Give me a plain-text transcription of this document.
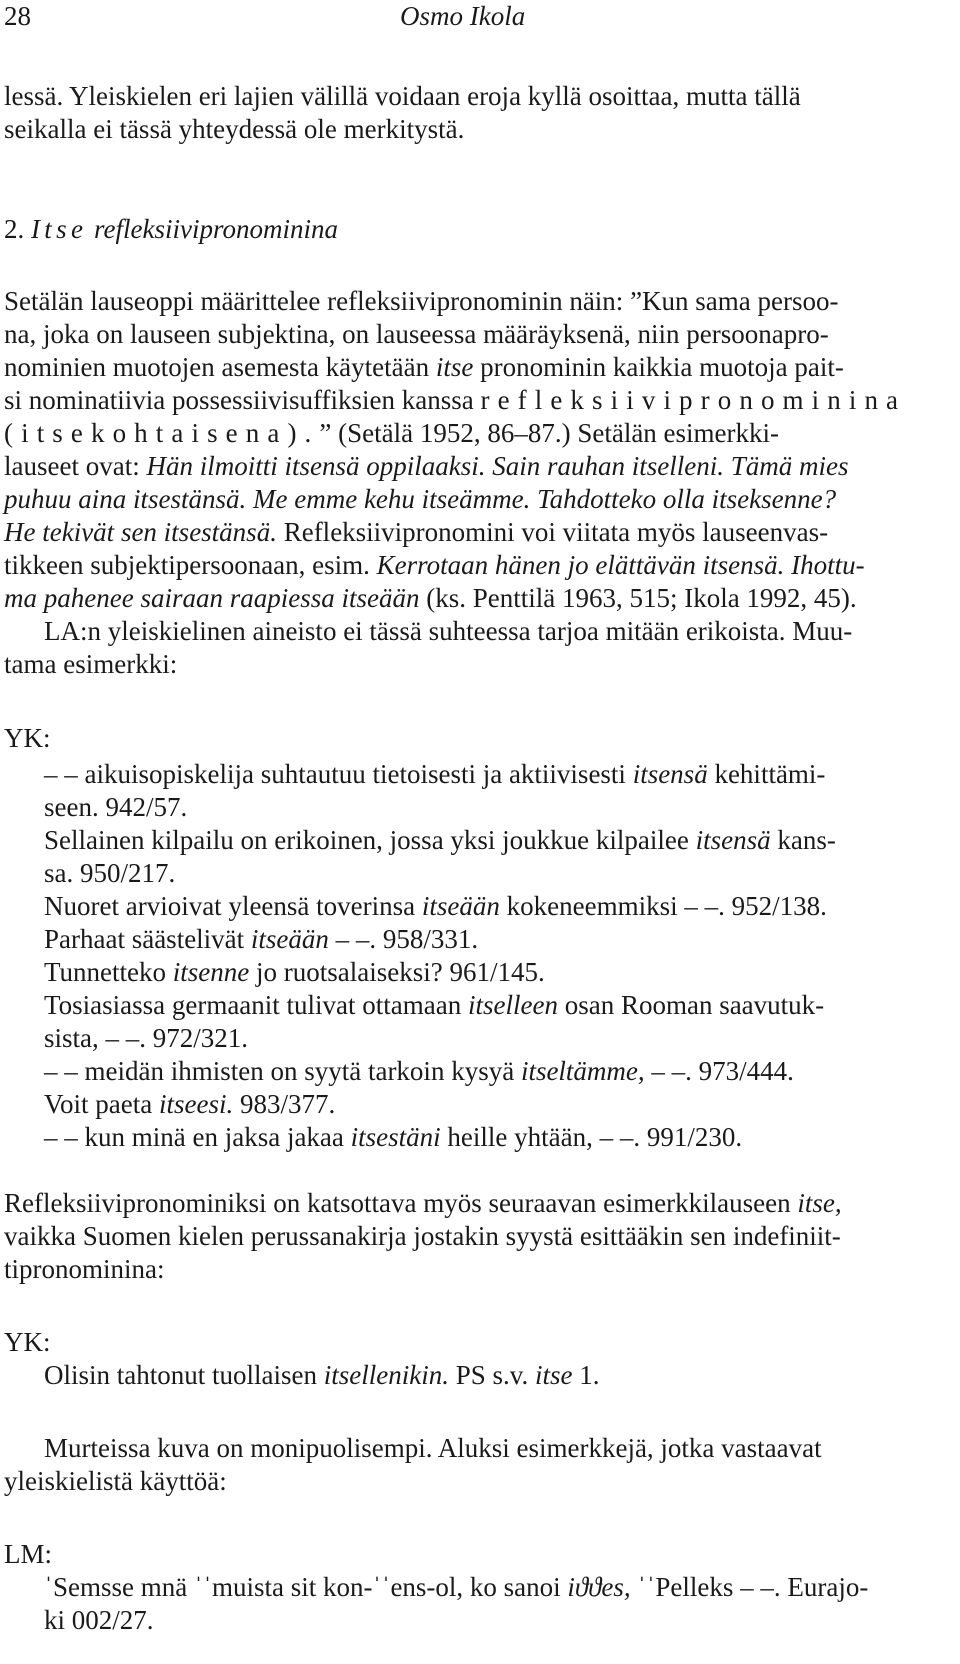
28	Osmo Ikola
lessä. Yleiskielen eri lajien välillä voidaan eroja kyllä osoittaa, mutta tällä
seikalla ei tässä yhteydessä ole merkitystä.
2. Itse refleksiivipronominina
Setälän lauseoppi määrittelee refleksiivipronominin näin: ”Kun sama persoo-
na, joka on lauseen subjektina, on lauseessa määräyksenä, niin persoonapro-
nominien muotojen asemesta käytetään itse pronominin kaikkia muotoja pait-
si nominatiivia possessiivisuffiksien kanssa refleksiivipronominina
(itsekohtaisena).” (Setälä 1952, 86–87.) Setälän esimerkki-
lauseet ovat: Hän ilmoitti itsensä oppilaaksi. Sain rauhan itselleni. Tämä mies
puhuu aina itsestänsä. Me emme kehu itseämme. Tahdotteko olla itseksenne?
He tekivät sen itsestänsä. Refleksiivipronomini voi viitata myös lauseenvas-
tikkeen subjektipersoonaan, esim. Kerrotaan hänen jo elättävän itsensä. Ihottu-
ma pahenee sairaan raapiessa itseään (ks. Penttilä 1963, 515; Ikola 1992, 45).
LA:n yleiskielinen aineisto ei tässä suhteessa tarjoa mitään erikoista. Muu-
tama esimerkki:
YK:
– – aikuisopiskelija suhtautuu tietoisesti ja aktiivisesti itsensä kehittämi-
seen. 942/57.
Sellainen kilpailu on erikoinen, jossa yksi joukkue kilpailee itsensä kans-
sa. 950/217.
Nuoret arvioivat yleensä toverinsa itseään kokeneemmiksi – –. 952/138.
Parhaat säästelivät itseään – –. 958/331.
Tunnetteko itsenne jo ruotsalaiseksi? 961/145.
Tosiasiassa germaanit tulivat ottamaan itselleen osan Rooman saavutuk-
sista, – –. 972/321.
– – meidän ihmisten on syytä tarkoin kysyä itseltämme, – –. 973/444.
Voit paeta itseesi. 983/377.
– – kun minä en jaksa jakaa itsestäni heille yhtään, – –. 991/230.
Refleksiivipronominiksi on katsottava myös seuraavan esimerkkilauseen itse,
vaikka Suomen kielen perussanakirja jostakin syystä esittääkin sen indefiniit-
tipronominina:
YK:
Olisin tahtonut tuollaisen itsellenikin. PS s.v. itse 1.
Murteissa kuva on monipuolisempi. Aluksi esimerkkejä, jotka vastaavat
yleiskielistä käyttöä:
LM:
ˈSemsse mnä ˈˈmuista sit kon-ˈˈens-ol, ko sanoi iϑϑes, ˈˈPelleks – –. Eurajo-
ki 002/27.
